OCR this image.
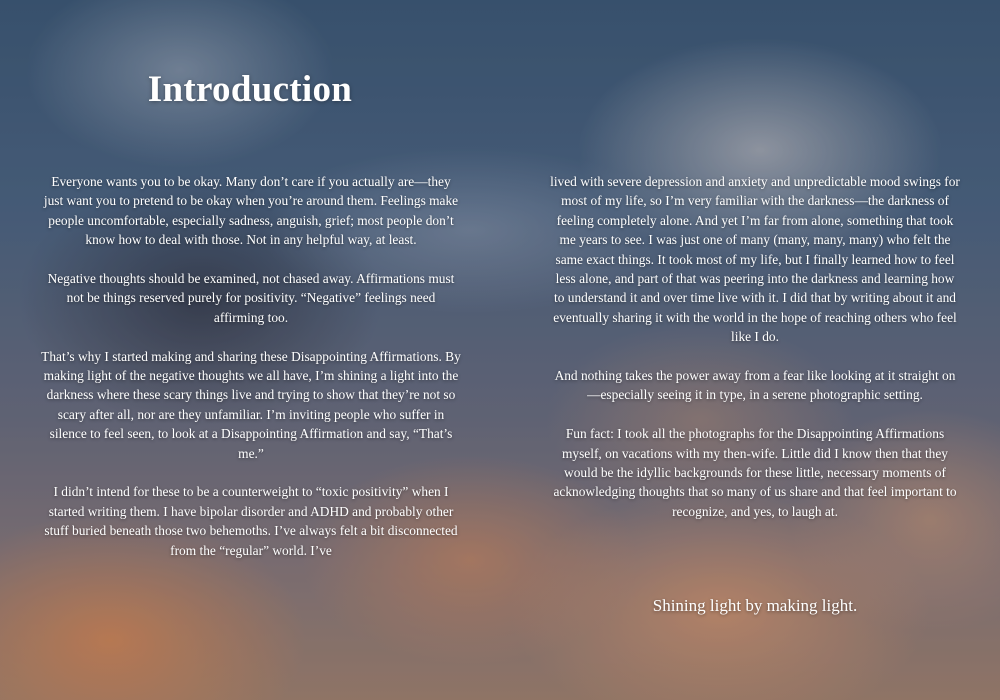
Introduction

Everyone wants you to be okay. Many don’t care if you actually are—they just want you to pretend to be okay when you’re around them. Feelings make people uncomfortable, especially sadness, anguish, grief; most people don’t know how to deal with those. Not in any helpful way, at least.

Negative thoughts should be examined, not chased away. Affirmations must not be things reserved purely for positivity. “Negative” feelings need affirming too.

That’s why I started making and sharing these Disappointing Affirmations. By making light of the negative thoughts we all have, I’m shining a light into the darkness where these scary things live and trying to show that they’re not so scary after all, nor are they unfamiliar. I’m inviting people who suffer in silence to feel seen, to look at a Disappointing Affirmation and say, “That’s me.”

I didn’t intend for these to be a counterweight to “toxic positivity” when I started writing them. I have bipolar disorder and ADHD and probably other stuff buried beneath those two behemoths. I’ve always felt a bit disconnected from the “regular” world. I’ve

lived with severe depression and anxiety and unpredictable mood swings for most of my life, so I’m very familiar with the darkness—the darkness of feeling completely alone. And yet I’m far from alone, something that took me years to see. I was just one of many (many, many, many) who felt the same exact things. It took most of my life, but I finally learned how to feel less alone, and part of that was peering into the darkness and learning how to understand it and over time live with it. I did that by writing about it and eventually sharing it with the world in the hope of reaching others who feel like I do.

And nothing takes the power away from a fear like looking at it straight on—especially seeing it in type, in a serene photographic setting.

Fun fact: I took all the photographs for the Disappointing Affirmations myself, on vacations with my then-wife. Little did I know then that they would be the idyllic backgrounds for these little, necessary moments of acknowledging thoughts that so many of us share and that feel important to recognize, and yes, to laugh at.

Shining light by making light.
